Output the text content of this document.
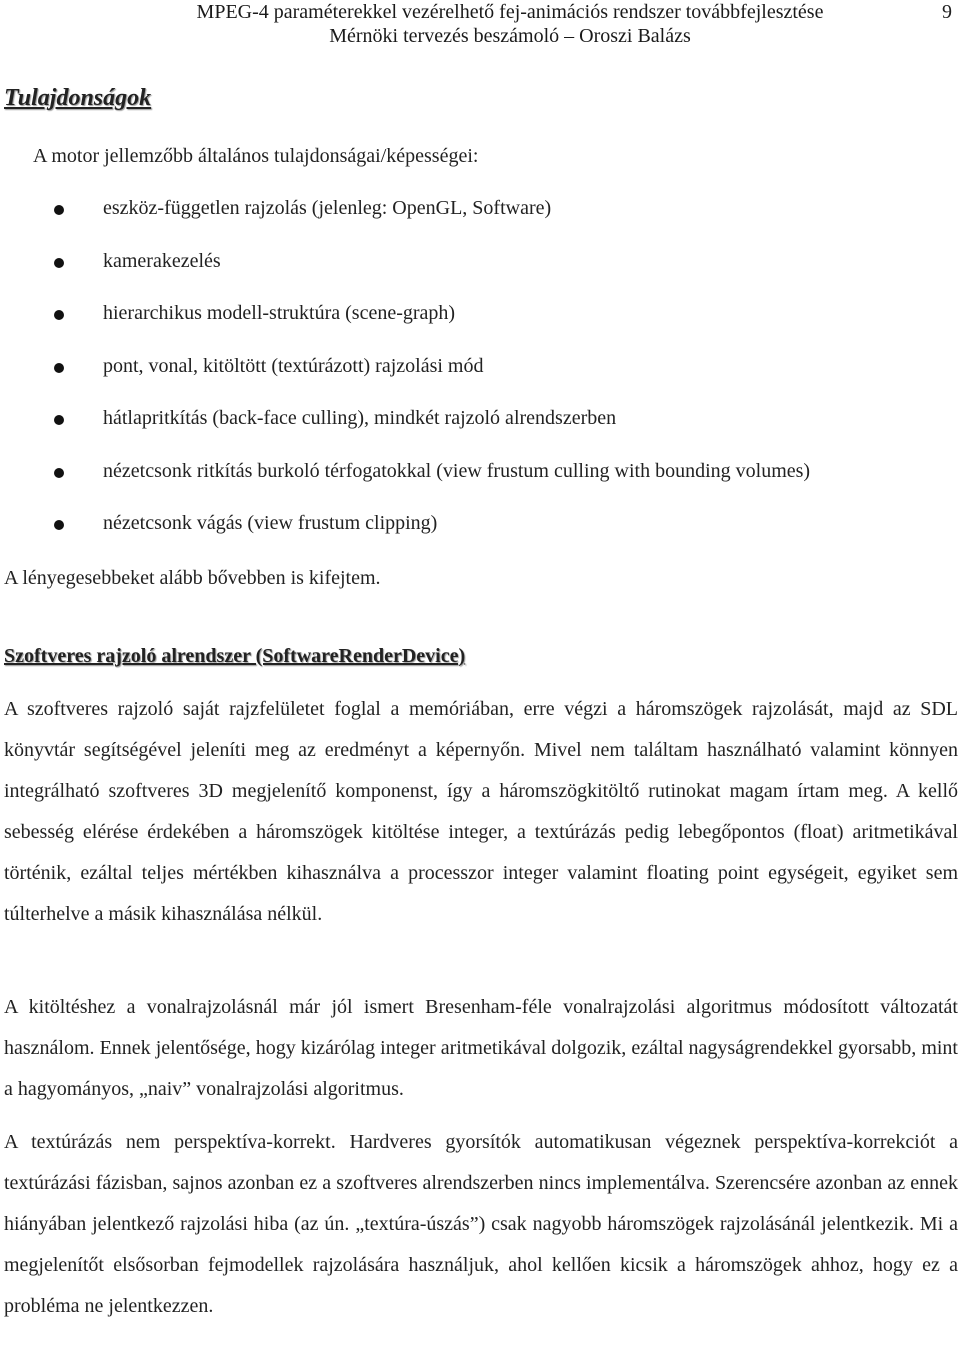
MPEG-4 paraméterekkel vezérelhető fej-animációs rendszer továbbfejlesztése
Mérnöki tervezés beszámoló – Oroszi Balázs
9
Tulajdonságok
A motor jellemzőbb általános tulajdonságai/képességei:
eszköz-független rajzolás (jelenleg: OpenGL, Software)
kamerakezelés
hierarchikus modell-struktúra (scene-graph)
pont, vonal, kitöltött (textúrázott) rajzolási mód
hátlapritkítás (back-face culling), mindkét rajzoló alrendszerben
nézetcsonk ritkítás burkoló térfogatokkal (view frustum culling with bounding volumes)
nézetcsonk vágás (view frustum clipping)
A lényegesebbeket alább bővebben is kifejtem.
Szoftveres rajzoló alrendszer (SoftwareRenderDevice)

A szoftveres rajzoló saját rajzfelületet foglal a memóriában, erre végzi a háromszögek rajzolását, majd az SDL könyvtár segítségével jeleníti meg az eredményt a képernyőn. Mivel nem találtam használható valamint könnyen integrálható szoftveres 3D megjelenítő komponenst, így a háromszögkitöltő rutinokat magam írtam meg. A kellő sebesség elérése érdekében a háromszögek kitöltése integer, a textúrázás pedig lebegőpontos (float) aritmetikával történik, ezáltal teljes mértékben kihasználva a processzor integer valamint floating point egységeit, egyiket sem túlterhelve a másik kihasználása nélkül.

A kitöltéshez a vonalrajzolásnál már jól ismert Bresenham-féle vonalrajzolási algoritmus módosított változatát használom. Ennek jelentősége, hogy kizárólag integer aritmetikával dolgozik, ezáltal nagyságrendekkel gyorsabb, mint a hagyományos, „naiv” vonalrajzolási algoritmus.

A textúrázás nem perspektíva-korrekt. Hardveres gyorsítók automatikusan végeznek perspektíva-korrekciót a textúrázási fázisban, sajnos azonban ez a szoftveres alrendszerben nincs implementálva. Szerencsére azonban az ennek hiányában jelentkező rajzolási hiba (az ún. „textúra-úszás”) csak nagyobb háromszögek rajzolásánál jelentkezik. Mi a megjelenítőt elsősorban fejmodellek rajzolására használjuk, ahol kellően kicsik a háromszögek ahhoz, hogy ez a probléma ne jelentkezzen.
